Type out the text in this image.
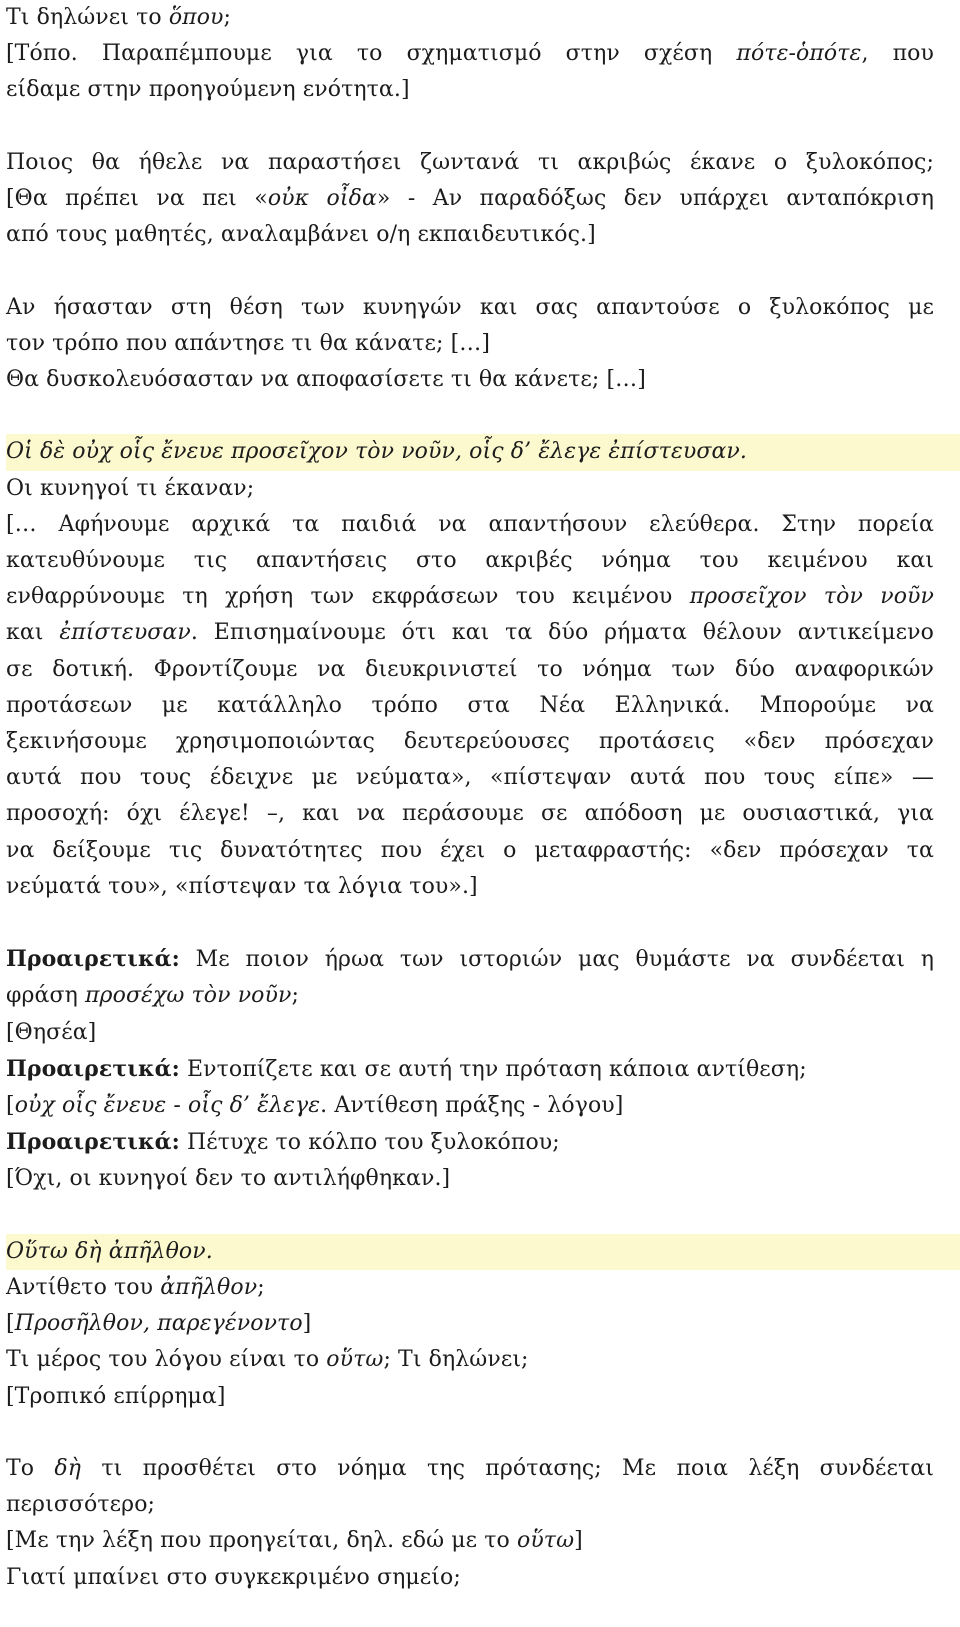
Τι δηλώνει το ὅπου;
[Τόπο. Παραπέμπουμε για το σχηματισμό στην σχέση πότε-ὁπότε, που
είδαμε στην προηγούμενη ενότητα.]
Ποιος θα ήθελε να παραστήσει ζωντανά τι ακριβώς έκανε ο ξυλοκόπος;
[Θα πρέπει να πει «οὐκ οἶδα» - Αν παραδόξως δεν υπάρχει ανταπόκριση
από τους μαθητές, αναλαμβάνει ο/η εκπαιδευτικός.]
Αν ήσασταν στη θέση των κυνηγών και σας απαντούσε ο ξυλοκόπος με
τον τρόπο που απάντησε τι θα κάνατε; […]
Θα δυσκολευόσασταν να αποφασίσετε τι θα κάνετε; […]
Οἱ δὲ οὐχ οἷς ἔνευε προσεῖχον τὸν νοῦν, οἷς δ’ ἔλεγε ἐπίστευσαν.
Οι κυνηγοί τι έκαναν;
[… Αφήνουμε αρχικά τα παιδιά να απαντήσουν ελεύθερα. Στην πορεία
κατευθύνουμε τις απαντήσεις στο ακριβές νόημα του κειμένου και
ενθαρρύνουμε τη χρήση των εκφράσεων του κειμένου προσεῖχον τὸν νοῦν
και ἐπίστευσαν. Επισημαίνουμε ότι και τα δύο ρήματα θέλουν αντικείμενο
σε δοτική. Φροντίζουμε να διευκρινιστεί το νόημα των δύο αναφορικών
προτάσεων με κατάλληλο τρόπο στα Νέα Ελληνικά. Μπορούμε να
ξεκινήσουμε χρησιμοποιώντας δευτερεύουσες προτάσεις «δεν πρόσεχαν
αυτά που τους έδειχνε με νεύματα», «πίστεψαν αυτά που τους είπε» —
προσοχή: όχι έλεγε! –, και να περάσουμε σε απόδοση με ουσιαστικά, για
να δείξουμε τις δυνατότητες που έχει ο μεταφραστής: «δεν πρόσεχαν τα
νεύματά του», «πίστεψαν τα λόγια του».]
Προαιρετικά: Με ποιον ήρωα των ιστοριών μας θυμάστε να συνδέεται η
φράση προσέχω τὸν νοῦν;
[Θησέα]
Προαιρετικά: Εντοπίζετε και σε αυτή την πρόταση κάποια αντίθεση;
[οὐχ οἷς ἔνευε - οἷς δ’ ἔλεγε. Αντίθεση πράξης - λόγου]
Προαιρετικά: Πέτυχε το κόλπο του ξυλοκόπου;
[Όχι, οι κυνηγοί δεν το αντιλήφθηκαν.]
Οὕτω δὴ ἀπῆλθον.
Αντίθετο του ἀπῆλθον;
[Προσῆλθον, παρεγένοντο]
Τι μέρος του λόγου είναι το οὕτω; Τι δηλώνει;
[Τροπικό επίρρημα]
Το δὴ τι προσθέτει στο νόημα της πρότασης; Με ποια λέξη συνδέεται
περισσότερο;
[Με την λέξη που προηγείται, δηλ. εδώ με το οὕτω]
Γιατί μπαίνει στο συγκεκριμένο σημείο;
